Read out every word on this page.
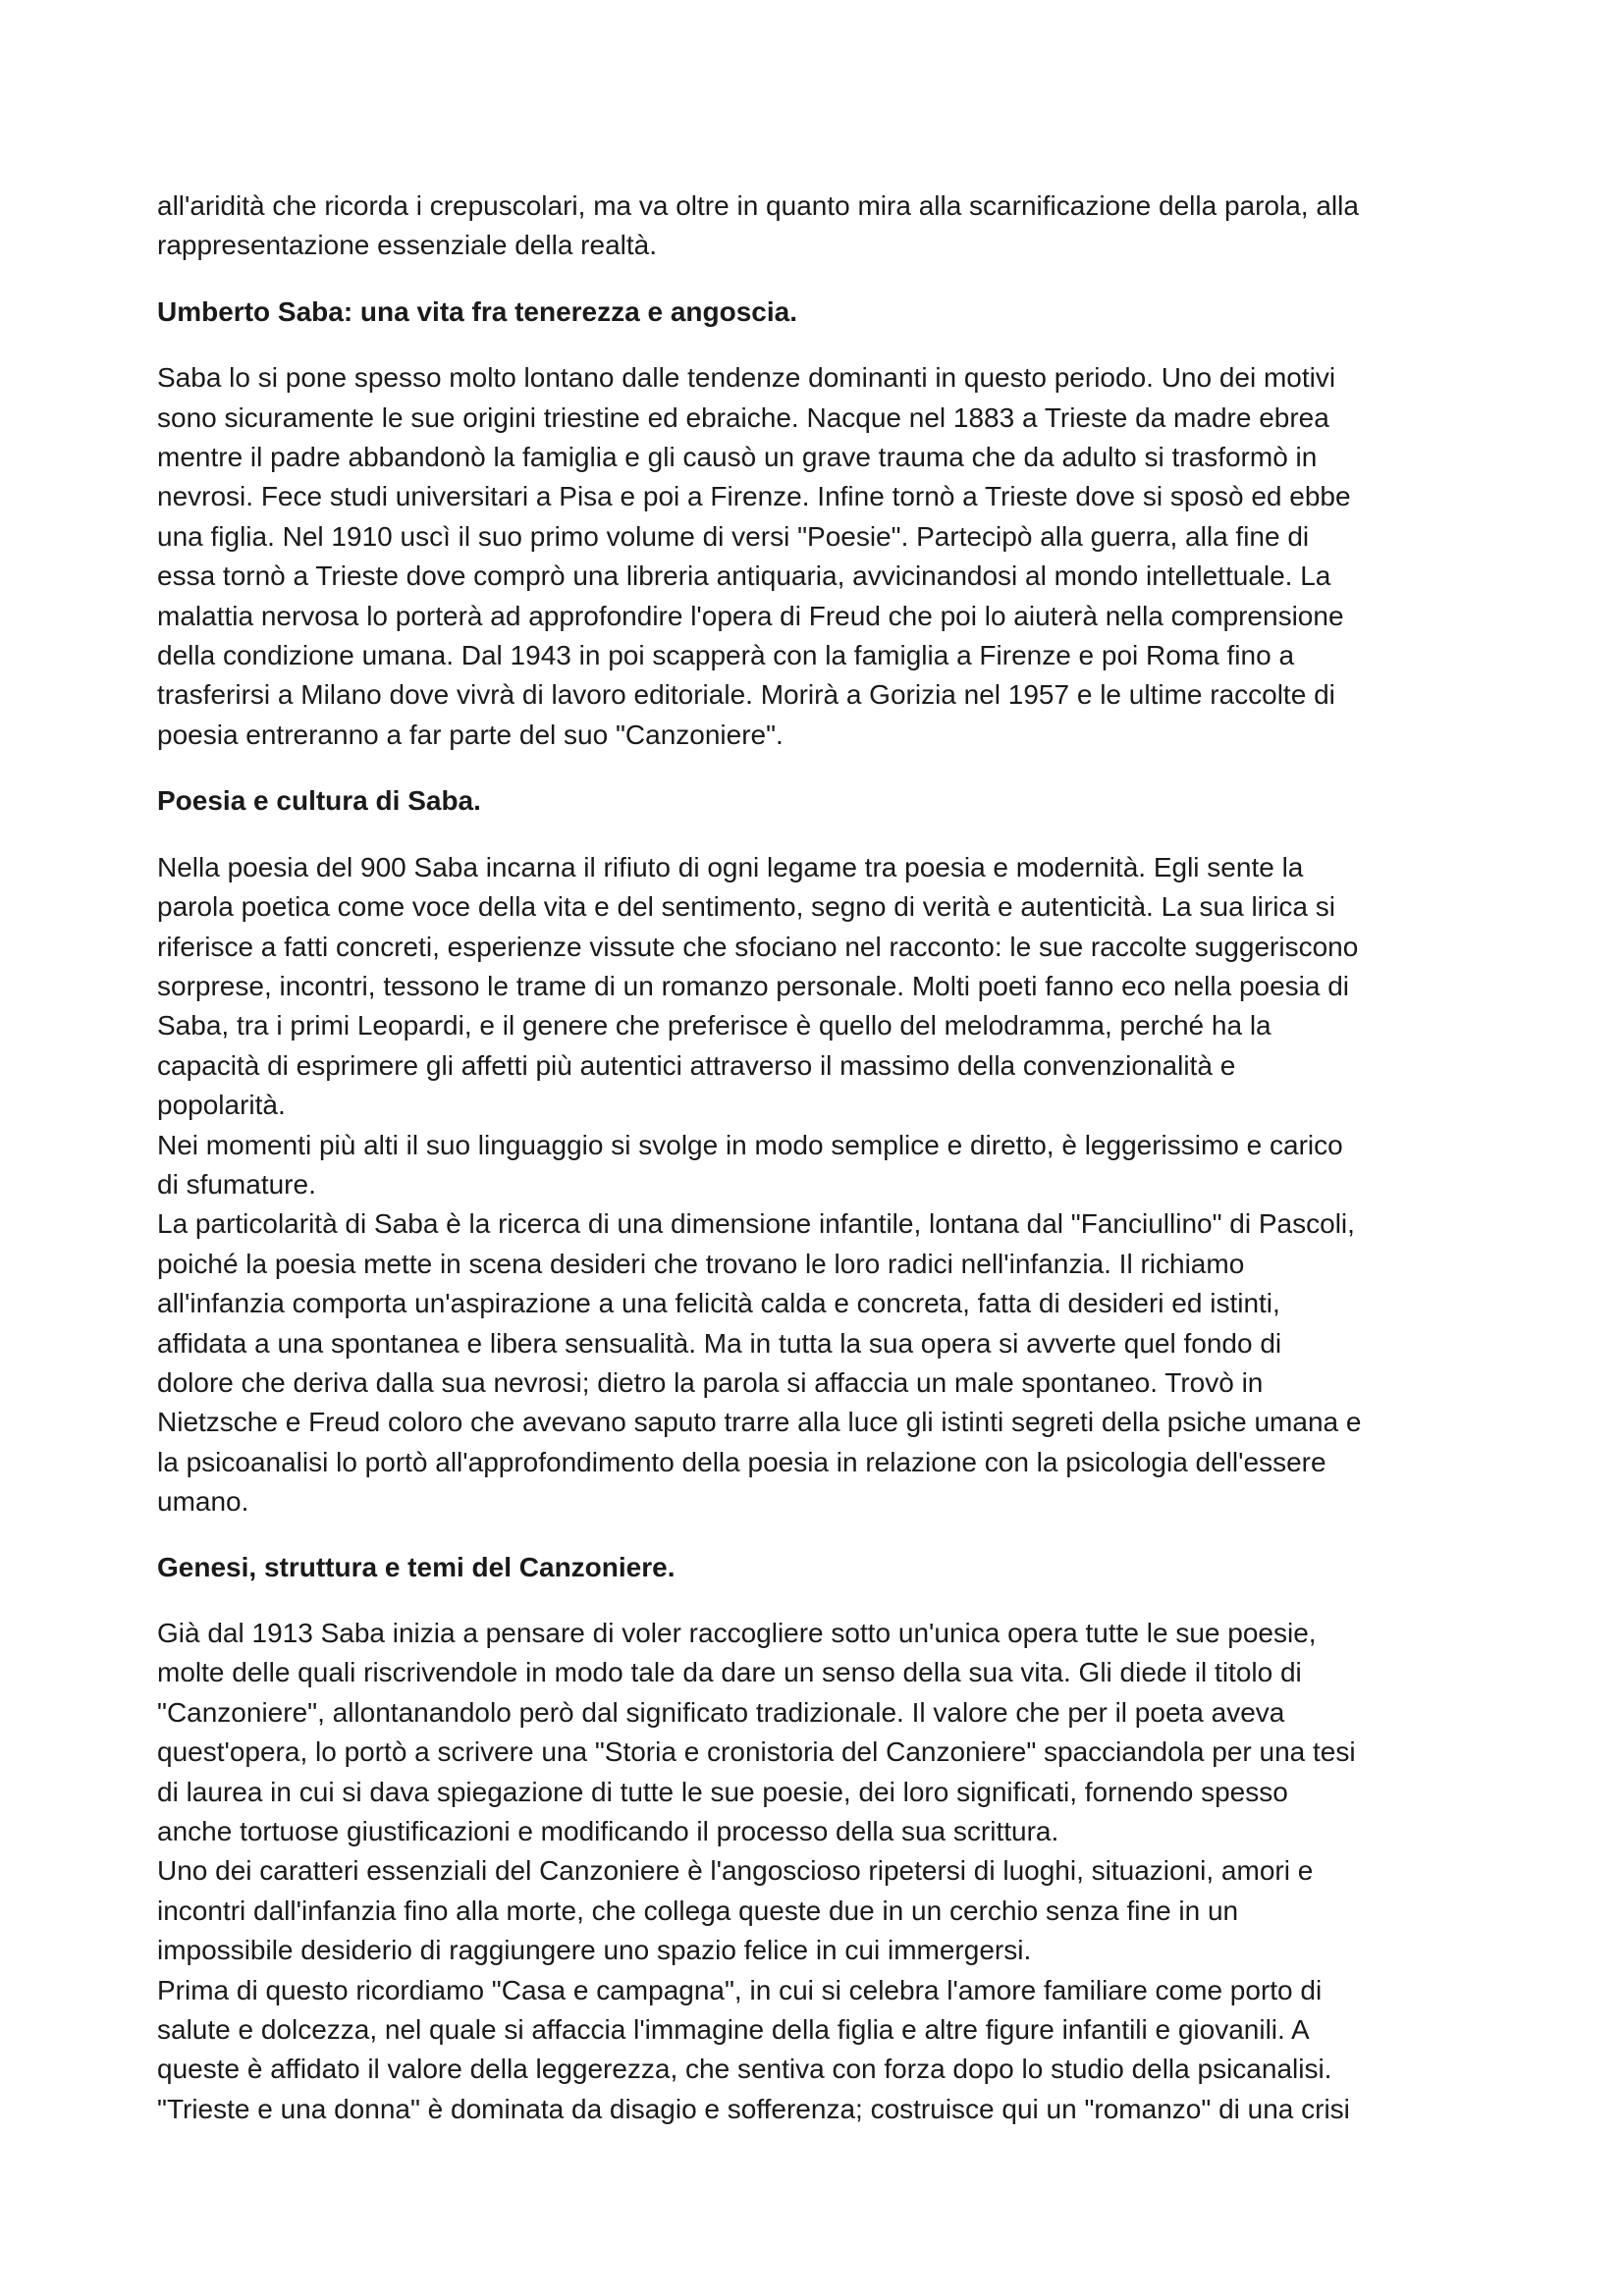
all'aridità che ricorda i crepuscolari, ma va oltre in quanto mira alla scarnificazione della parola, alla
rappresentazione essenziale della realtà.

Umberto Saba: una vita fra tenerezza e angoscia.

Saba lo si pone spesso molto lontano dalle tendenze dominanti in questo periodo. Uno dei motivi
sono sicuramente le sue origini triestine ed ebraiche. Nacque nel 1883 a Trieste da madre ebrea
mentre il padre abbandonò la famiglia e gli causò un grave trauma che da adulto si trasformò in
nevrosi. Fece studi universitari a Pisa e poi a Firenze. Infine tornò a Trieste dove si sposò ed ebbe
una figlia. Nel 1910 uscì il suo primo volume di versi "Poesie". Partecipò alla guerra, alla fine di
essa tornò a Trieste dove comprò una libreria antiquaria, avvicinandosi al mondo intellettuale. La
malattia nervosa lo porterà ad approfondire l'opera di Freud che poi lo aiuterà nella comprensione
della condizione umana. Dal 1943 in poi scapperà con la famiglia a Firenze e poi Roma fino a
trasferirsi a Milano dove vivrà di lavoro editoriale. Morirà a Gorizia nel 1957 e le ultime raccolte di
poesia entreranno a far parte del suo "Canzoniere".

Poesia e cultura di Saba.

Nella poesia del 900 Saba incarna il rifiuto di ogni legame tra poesia e modernità. Egli sente la
parola poetica come voce della vita e del sentimento, segno di verità e autenticità. La sua lirica si
riferisce a fatti concreti, esperienze vissute che sfociano nel racconto: le sue raccolte suggeriscono
sorprese, incontri, tessono le trame di un romanzo personale. Molti poeti fanno eco nella poesia di
Saba, tra i primi Leopardi, e il genere che preferisce è quello del melodramma, perché ha la
capacità di esprimere gli affetti più autentici attraverso il massimo della convenzionalità e
popolarità.

Nei momenti più alti il suo linguaggio si svolge in modo semplice e diretto, è leggerissimo e carico
di sfumature.

La particolarità di Saba è la ricerca di una dimensione infantile, lontana dal "Fanciullino" di Pascoli,
poiché la poesia mette in scena desideri che trovano le loro radici nell'infanzia. Il richiamo
all'infanzia comporta un'aspirazione a una felicità calda e concreta, fatta di desideri ed istinti,
affidata a una spontanea e libera sensualità. Ma in tutta la sua opera si avverte quel fondo di
dolore che deriva dalla sua nevrosi; dietro la parola si affaccia un male spontaneo. Trovò in
Nietzsche e Freud coloro che avevano saputo trarre alla luce gli istinti segreti della psiche umana e
la psicoanalisi lo portò all'approfondimento della poesia in relazione con la psicologia dell'essere
umano.

Genesi, struttura e temi del Canzoniere.

Già dal 1913 Saba inizia a pensare di voler raccogliere sotto un'unica opera tutte le sue poesie,
molte delle quali riscrivendole in modo tale da dare un senso della sua vita. Gli diede il titolo di
"Canzoniere", allontanandolo però dal significato tradizionale. Il valore che per il poeta aveva
quest'opera, lo portò a scrivere una "Storia e cronistoria del Canzoniere" spacciandola per una tesi
di laurea in cui si dava spiegazione di tutte le sue poesie, dei loro significati, fornendo spesso
anche tortuose giustificazioni e modificando il processo della sua scrittura.

Uno dei caratteri essenziali del Canzoniere è l'angoscioso ripetersi di luoghi, situazioni, amori e
incontri dall'infanzia fino alla morte, che collega queste due in un cerchio senza fine in un
impossibile desiderio di raggiungere uno spazio felice in cui immergersi.

Prima di questo ricordiamo "Casa e campagna", in cui si celebra l'amore familiare come porto di
salute e dolcezza, nel quale si affaccia l'immagine della figlia e altre figure infantili e giovanili. A
queste è affidato il valore della leggerezza, che sentiva con forza dopo lo studio della psicanalisi.
"Trieste e una donna" è dominata da disagio e sofferenza; costruisce qui un "romanzo" di una crisi
